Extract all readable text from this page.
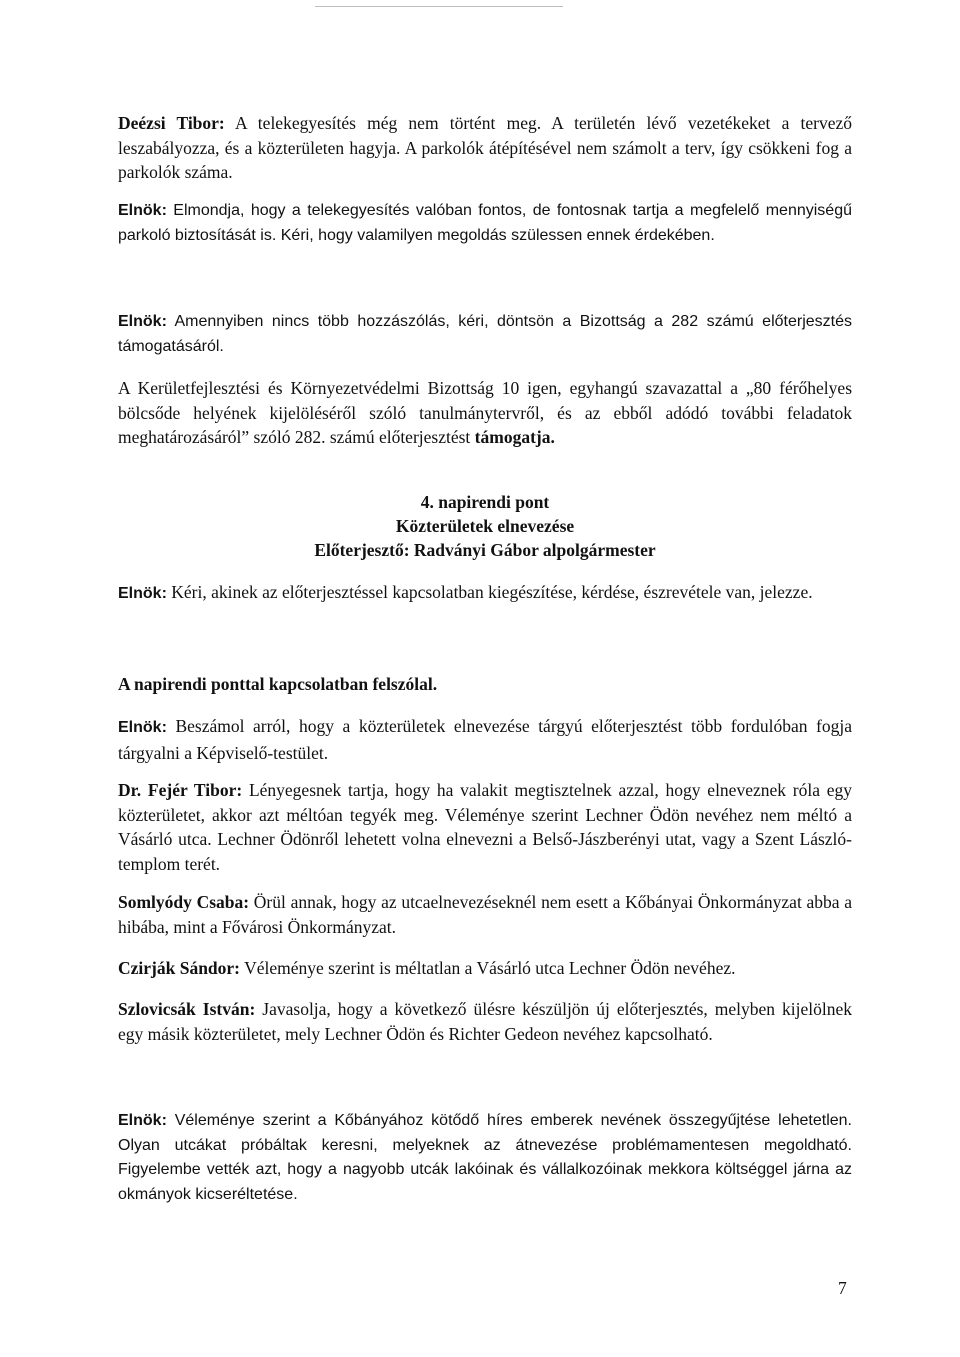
Deézsi Tibor: A telekegyesítés még nem történt meg. A területén lévő vezetékeket a tervező leszabályozza, és a közterületen hagyja. A parkolók átépítésével nem számolt a terv, így csökkeni fog a parkolók száma.

Elnök: Elmondja, hogy a telekegyesítés valóban fontos, de fontosnak tartja a megfelelő mennyiségű parkoló biztosítását is. Kéri, hogy valamilyen megoldás szülessen ennek érdekében.

Elnök: Amennyiben nincs több hozzászólás, kéri, döntsön a Bizottság a 282 számú előterjesztés támogatásáról.

A Kerületfejlesztési és Környezetvédelmi Bizottság 10 igen, egyhangú szavazattal a „80 férőhelyes bölcsőde helyének kijelöléséről szóló tanulmánytervről, és az ebből adódó további feladatok meghatározásáról” szóló 282. számú előterjesztést támogatja.

4. napirendi pont
Közterületek elnevezése
Előterjesztő: Radványi Gábor alpolgármester

Elnök: Kéri, akinek az előterjesztéssel kapcsolatban kiegészítése, kérdése, észrevétele van, jelezze.

A napirendi ponttal kapcsolatban felszólal.

Elnök: Beszámol arról, hogy a közterületek elnevezése tárgyú előterjesztést több fordulóban fogja tárgyalni a Képviselő-testület.

Dr. Fejér Tibor: Lényegesnek tartja, hogy ha valakit megtisztelnek azzal, hogy elneveznek róla egy közterületet, akkor azt méltóan tegyék meg. Véleménye szerint Lechner Ödön nevéhez nem méltó a Vásárló utca. Lechner Ödönről lehetett volna elnevezni a Belső-Jászberényi utat, vagy a Szent László-templom terét.

Somlyódy Csaba: Örül annak, hogy az utcaelnevezéseknél nem esett a Kőbányai Önkormányzat abba a hibába, mint a Fővárosi Önkormányzat.

Czirják Sándor: Véleménye szerint is méltatlan a Vásárló utca Lechner Ödön nevéhez.

Szlovicsák István: Javasolja, hogy a következő ülésre készüljön új előterjesztés, melyben kijelölnek egy másik közterületet, mely Lechner Ödön és Richter Gedeon nevéhez kapcsolható.

Elnök: Véleménye szerint a Kőbányához kötődő híres emberek nevének összegyűjtése lehetetlen. Olyan utcákat próbáltak keresni, melyeknek az átnevezése problémamentesen megoldható. Figyelembe vették azt, hogy a nagyobb utcák lakóinak és vállalkozóinak mekkora költséggel járna az okmányok kicseréltetése.

7
